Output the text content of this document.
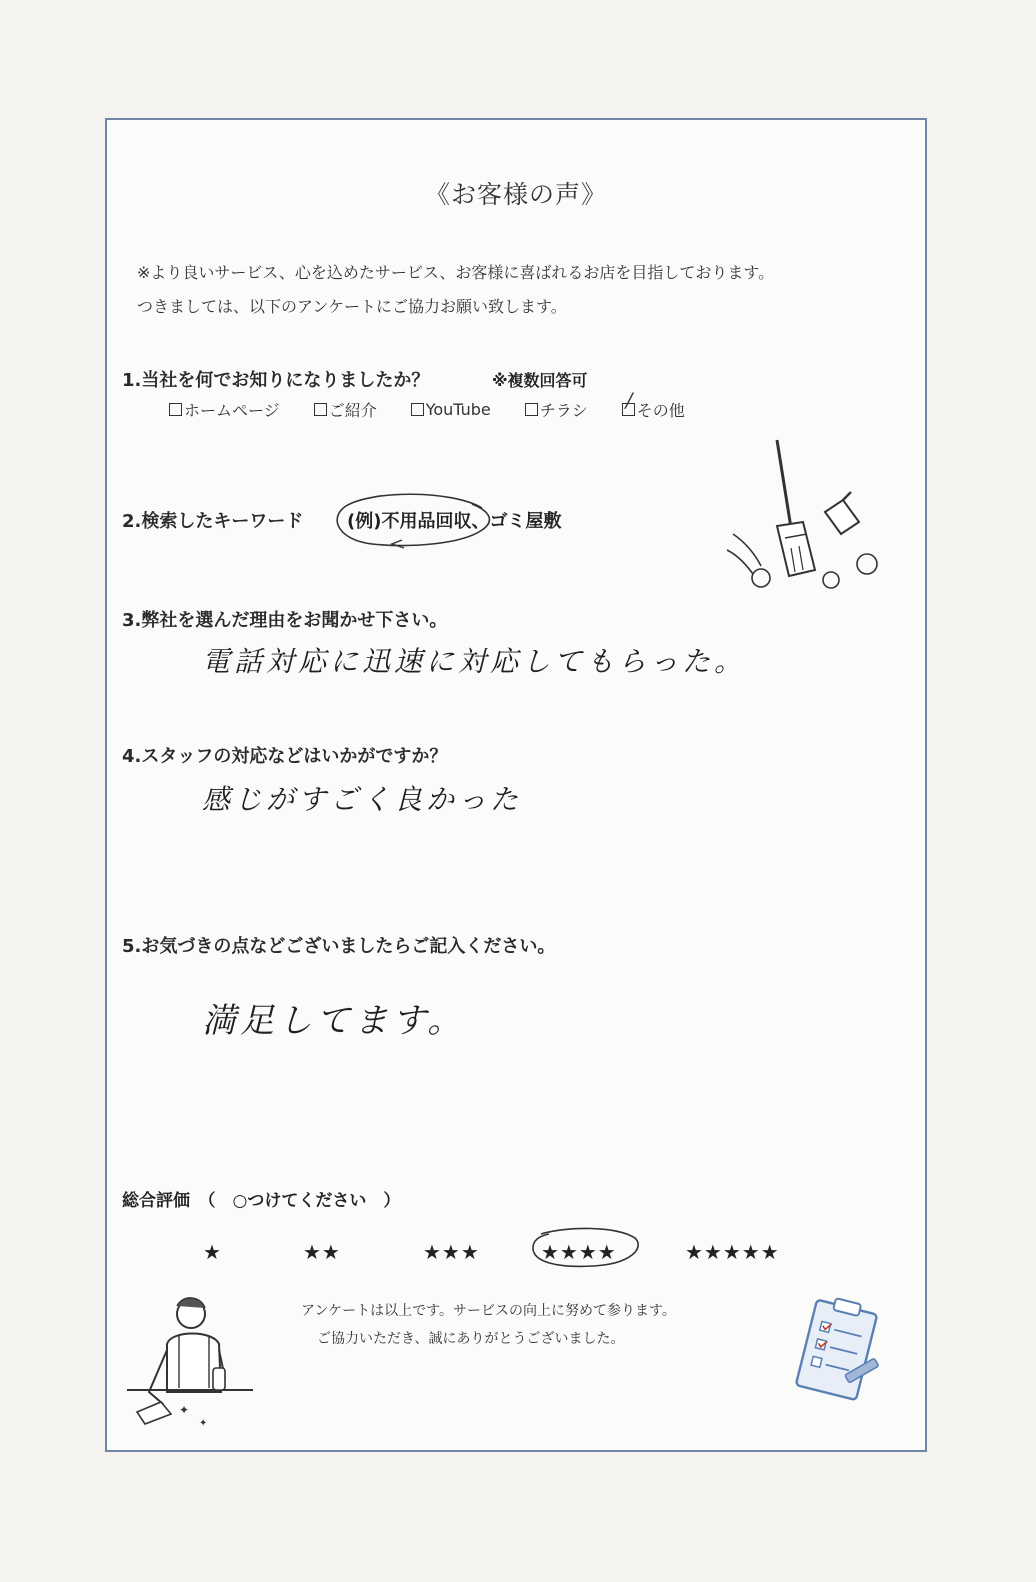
《お客様の声》
※より良いサービス、心を込めたサービス、お客様に喜ばれるお店を目指しております。
つきましては、以下のアンケートにご協力お願い致します。
1.当社を何でお知りになりましたか？	※複数回答可
ホームページ	ご紹介	YouTube	チラシ / その他
2.検索したキーワード (例)不用品回収、ゴミ屋敷
3.弊社を選んだ理由をお聞かせ下さい。
電話対応に迅速に対応してもらった。
4.スタッフの対応などはいかがですか？
感じがすごく良かった
5.お気づきの点などございましたらご記入ください。
満足してます。
総合評価　（　○つけてください　）
★	★★	★★★	★★★★	★★★★★
✦
✦
アンケートは以上です。サービスの向上に努めて参ります。
ご協力いただき、誠にありがとうございました。
